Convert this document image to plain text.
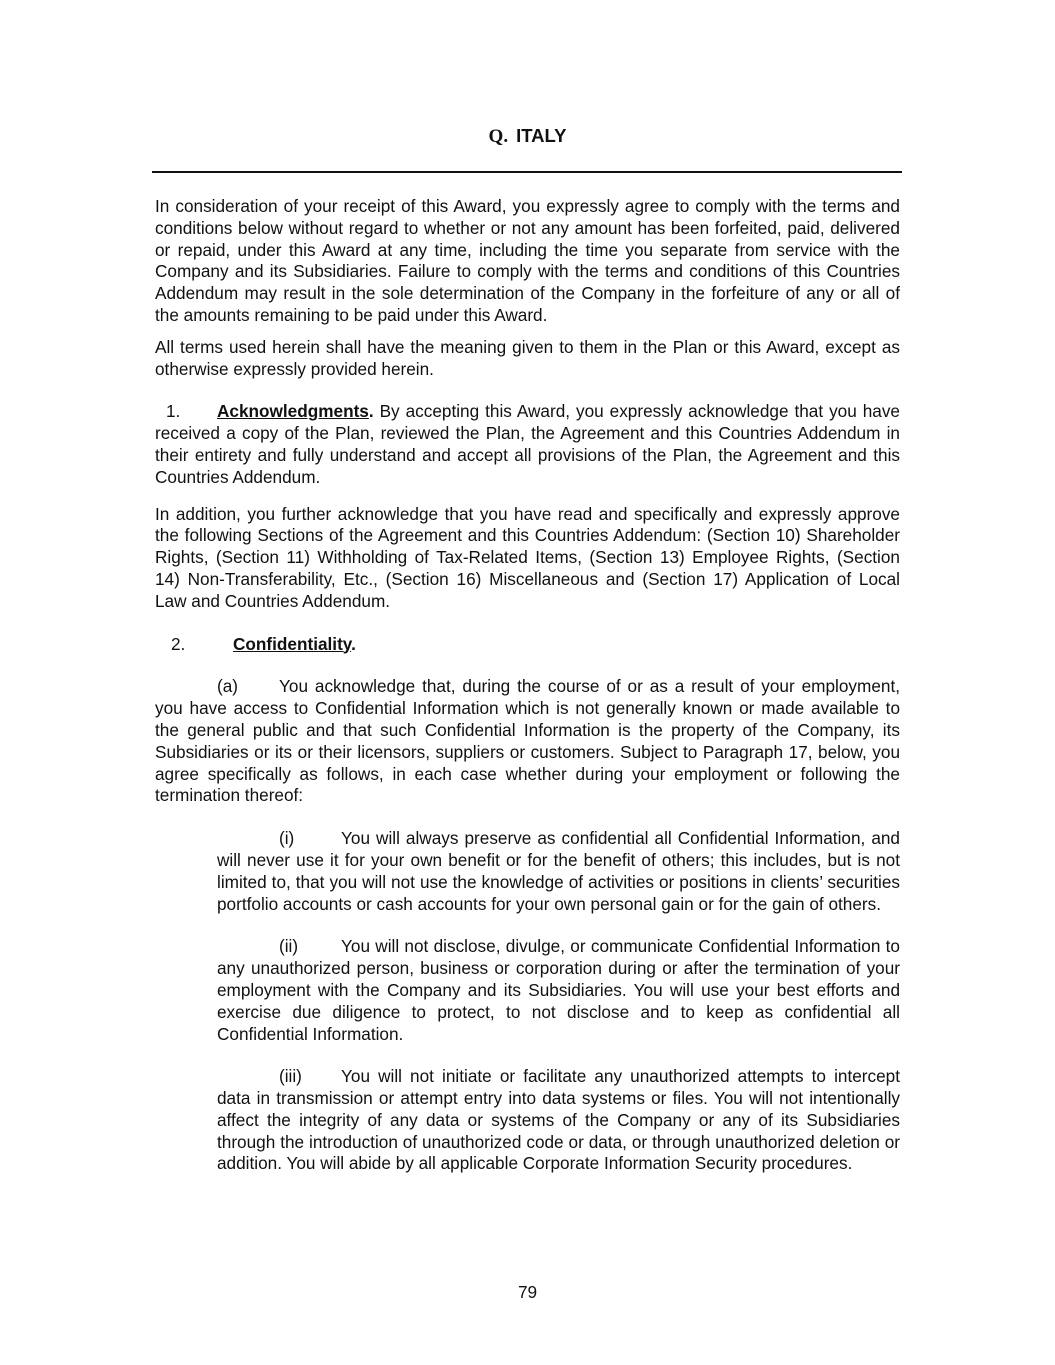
Q. ITALY

In consideration of your receipt of this Award, you expressly agree to comply with the terms and conditions below without regard to whether or not any amount has been forfeited, paid, delivered or repaid, under this Award at any time, including the time you separate from service with the Company and its Subsidiaries. Failure to comply with the terms and conditions of this Countries Addendum may result in the sole determination of the Company in the forfeiture of any or all of the amounts remaining to be paid under this Award.

All terms used herein shall have the meaning given to them in the Plan or this Award, except as otherwise expressly provided herein.

1. Acknowledgments. By accepting this Award, you expressly acknowledge that you have received a copy of the Plan, reviewed the Plan, the Agreement and this Countries Addendum in their entirety and fully understand and accept all provisions of the Plan, the Agreement and this Countries Addendum.

In addition, you further acknowledge that you have read and specifically and expressly approve the following Sections of the Agreement and this Countries Addendum: (Section 10) Shareholder Rights, (Section 11) Withholding of Tax-Related Items, (Section 13) Employee Rights, (Section 14) Non-Transferability, Etc., (Section 16) Miscellaneous and (Section 17) Application of Local Law and Countries Addendum.

2.	Confidentiality.

(a) You acknowledge that, during the course of or as a result of your employment, you have access to Confidential Information which is not generally known or made available to the general public and that such Confidential Information is the property of the Company, its Subsidiaries or its or their licensors, suppliers or customers. Subject to Paragraph 17, below, you agree specifically as follows, in each case whether during your employment or following the termination thereof:

(i)	You will always preserve as confidential all Confidential Information, and will never use it for your own benefit or for the benefit of others; this includes, but is not limited to, that you will not use the knowledge of activities or positions in clients’ securities portfolio accounts or cash accounts for your own personal gain or for the gain of others.

(ii) You will not disclose, divulge, or communicate Confidential Information to any unauthorized person, business or corporation during or after the termination of your employment with the Company and its Subsidiaries. You will use your best efforts and exercise due diligence to protect, to not disclose and to keep as confidential all Confidential Information.

(iii) You will not initiate or facilitate any unauthorized attempts to intercept data in transmission or attempt entry into data systems or files. You will not intentionally affect the integrity of any data or systems of the Company or any of its Subsidiaries through the introduction of unauthorized code or data, or through unauthorized deletion or addition. You will abide by all applicable Corporate Information Security procedures.

79
